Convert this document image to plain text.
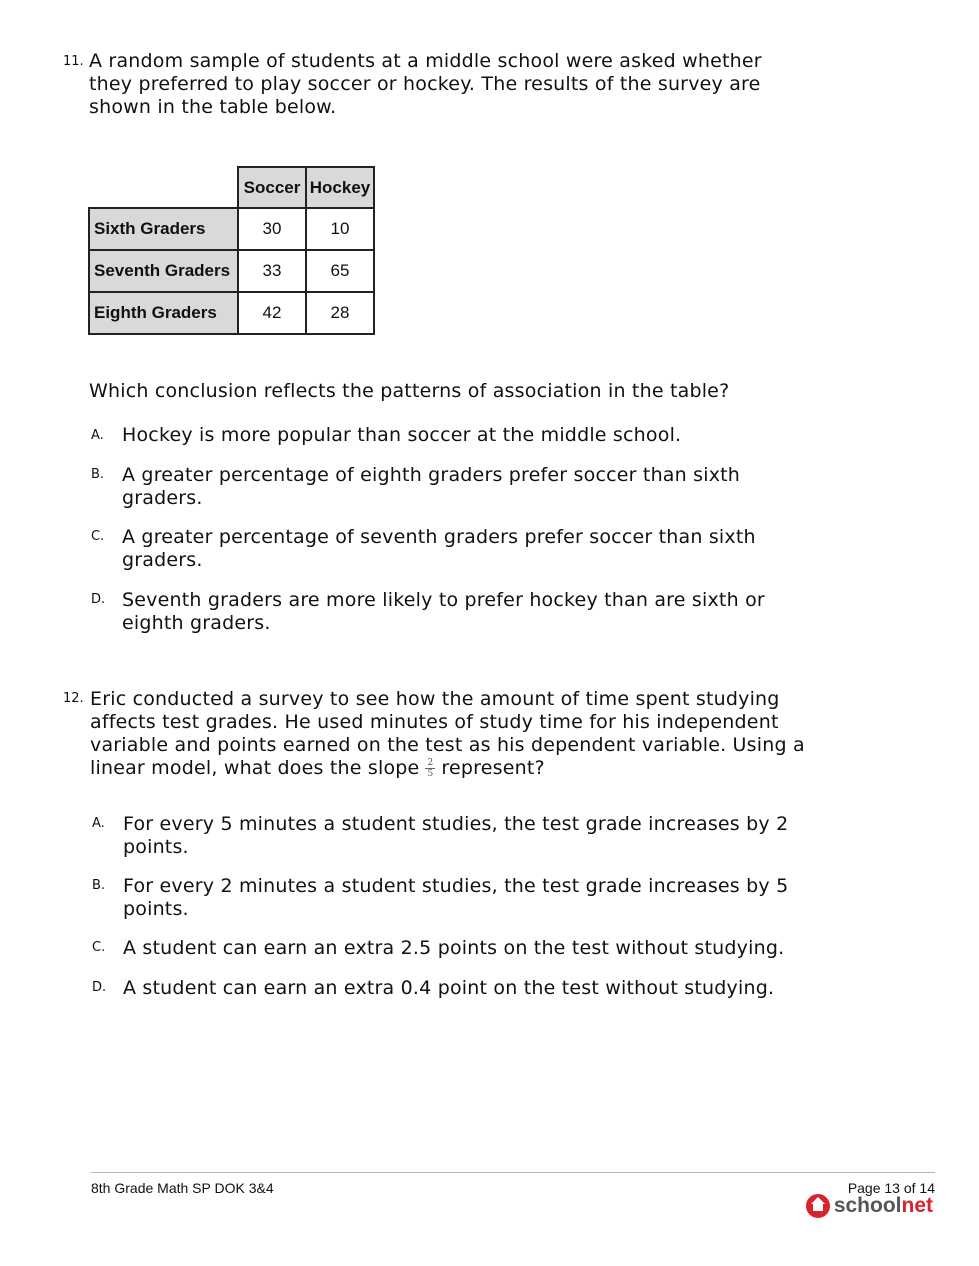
11. A random sample of students at a middle school were asked whether
they preferred to play soccer or hockey. The results of the survey are
shown in the table below.
	Soccer	Hockey
Sixth Graders	30	10
Seventh Graders	33	65
Eighth Graders	42	28
Which conclusion reflects the patterns of association in the table?
A. Hockey is more popular than soccer at the middle school.
B. A greater percentage of eighth graders prefer soccer than sixth
graders.
C. A greater percentage of seventh graders prefer soccer than sixth
graders.
D. Seventh graders are more likely to prefer hockey than are sixth or
eighth graders.
12. Eric conducted a survey to see how the amount of time spent studying
affects test grades. He used minutes of study time for his independent
variable and points earned on the test as his dependent variable. Using a
linear model, what does the slope $\frac{2}{5}$ represent?
A. For every 5 minutes a student studies, the test grade increases by 2
points.
B. For every 2 minutes a student studies, the test grade increases by 5
points.
C. A student can earn an extra 2.5 points on the test without studying.
D. A student can earn an extra 0.4 point on the test without studying.
8th Grade Math SP DOK 3&4	Page 13 of 14
schoolnet
